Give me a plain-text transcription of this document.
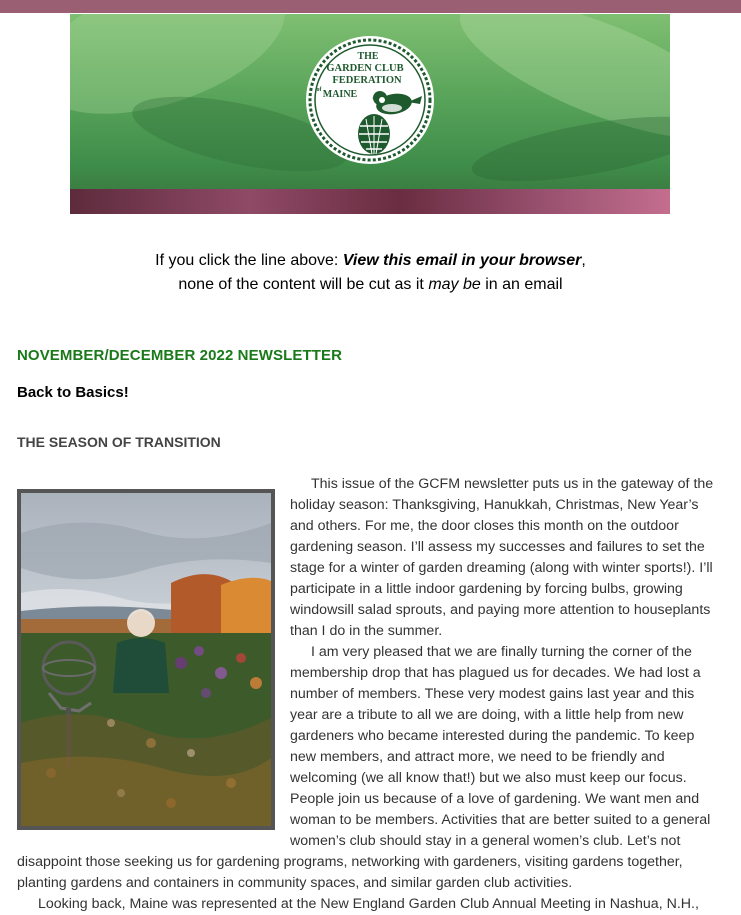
THE
GARDEN CLUB
FEDERATION
of MAINE
If you click the line above: View this email in your browser,
none of the content will be cut as it may be in an email
NOVEMBER/DECEMBER 2022 NEWSLETTER
Back to Basics!
THE SEASON OF TRANSITION

This issue of the GCFM newsletter puts us in the gateway of the holiday season: Thanksgiving, Hanukkah, Christmas, New Year’s and others. For me, the door closes this month on the outdoor gardening season. I’ll assess my successes and failures to set the stage for a winter of garden dreaming (along with winter sports!). I’ll participate in a little indoor gardening by forcing bulbs, growing windowsill salad sprouts, and paying more attention to houseplants than I do in the summer.

I am very pleased that we are finally turning the corner of the membership drop that has plagued us for decades. We had lost a number of members. These very modest gains last year and this year are a tribute to all we are doing, with a little help from new gardeners who became interested during the pandemic. To keep new members, and attract more, we need to be friendly and welcoming (we all know that!) but we also must keep our focus. People join us because of a love of gardening. We want men and woman to be members. Activities that are better suited to a general women’s club should stay in a general women’s club. Let’s not disappoint those seeking us for gardening programs, networking with gardeners, visiting gardens together, planting gardens and containers in community spaces, and similar garden club activities.

Looking back, Maine was represented at the New England Garden Club Annual Meeting in Nashua, N.H.,
